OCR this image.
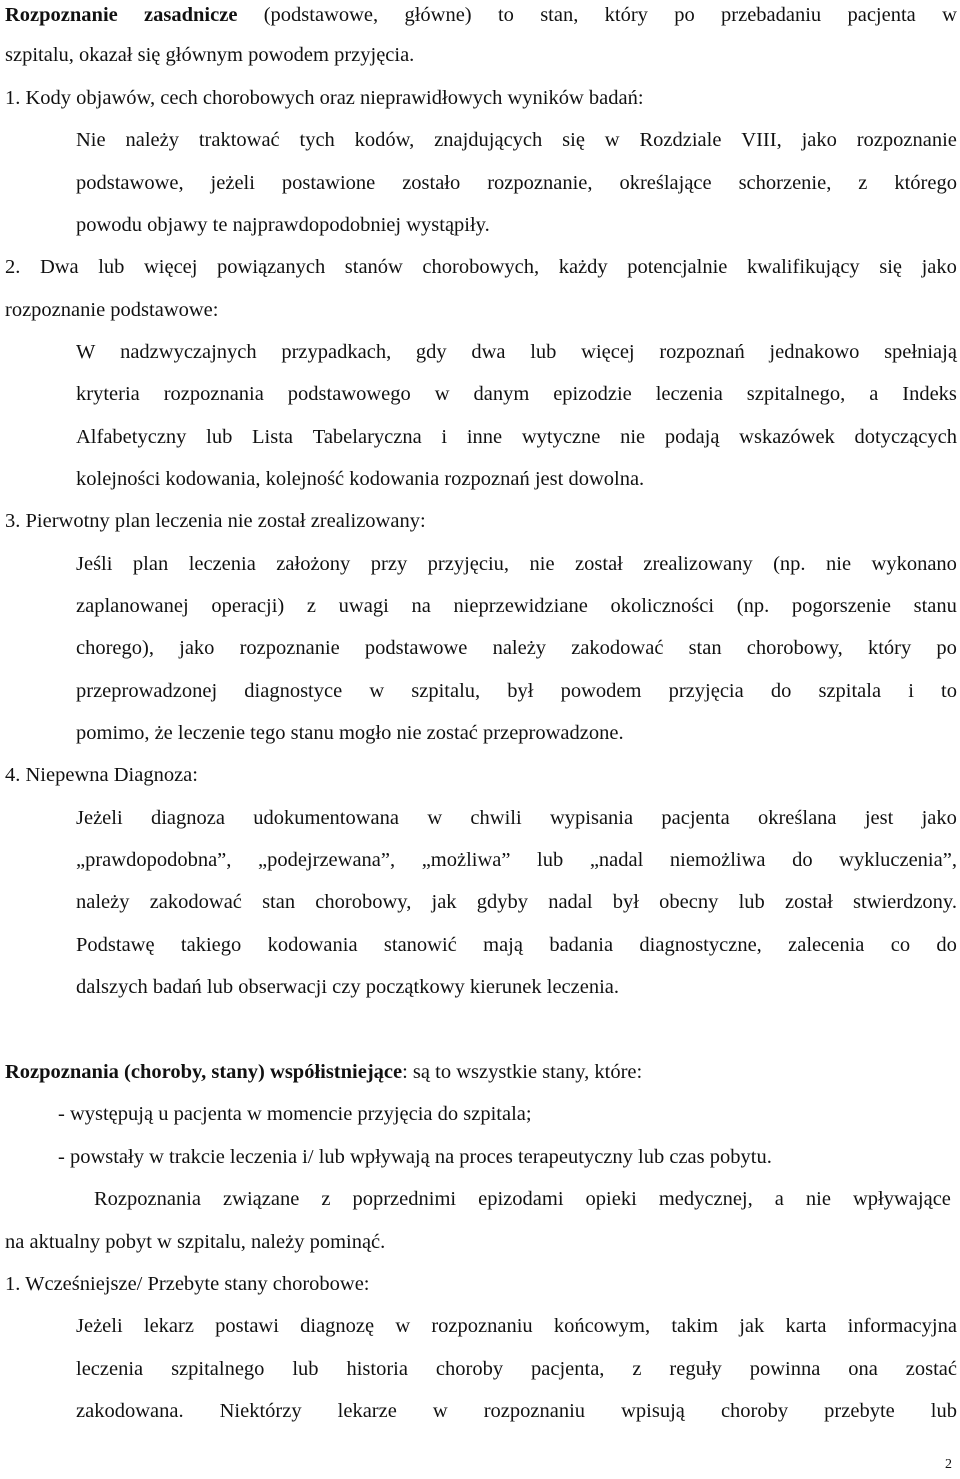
Rozpoznanie zasadnicze (podstawowe, główne) to stan, który po przebadaniu pacjenta w
szpitalu, okazał się głównym powodem przyjęcia.
1. Kody objawów, cech chorobowych oraz nieprawidłowych wyników badań:
Nie należy traktować tych kodów, znajdujących się w Rozdziale VIII, jako rozpoznanie
podstawowe, jeżeli postawione zostało rozpoznanie, określające schorzenie, z którego
powodu objawy te najprawdopodobniej wystąpiły.
2. Dwa lub więcej powiązanych stanów chorobowych, każdy potencjalnie kwalifikujący się jako
rozpoznanie podstawowe:
W nadzwyczajnych przypadkach, gdy dwa lub więcej rozpoznań jednakowo spełniają
kryteria rozpoznania podstawowego w danym epizodzie leczenia szpitalnego, a Indeks
Alfabetyczny lub Lista Tabelaryczna i inne wytyczne nie podają wskazówek dotyczących
kolejności kodowania, kolejność kodowania rozpoznań jest dowolna.
3. Pierwotny plan leczenia nie został zrealizowany:
Jeśli plan leczenia założony przy przyjęciu, nie został zrealizowany (np. nie wykonano
zaplanowanej operacji) z uwagi na nieprzewidziane okoliczności (np. pogorszenie stanu
chorego), jako rozpoznanie podstawowe należy zakodować stan chorobowy, który po
przeprowadzonej diagnostyce w szpitalu, był powodem przyjęcia do szpitala i to
pomimo, że leczenie tego stanu mogło nie zostać przeprowadzone.
4. Niepewna Diagnoza:
Jeżeli diagnoza udokumentowana w chwili wypisania pacjenta określana jest jako
„prawdopodobna”, „podejrzewana”, „możliwa” lub „nadal niemożliwa do wykluczenia”,
należy zakodować stan chorobowy, jak gdyby nadal był obecny lub został stwierdzony.
Podstawę takiego kodowania stanowić mają badania diagnostyczne, zalecenia co do
dalszych badań lub obserwacji czy początkowy kierunek leczenia.
Rozpoznania (choroby, stany) współistniejące: są to wszystkie stany, które:
- występują u pacjenta w momencie przyjęcia do szpitala;
- powstały w trakcie leczenia i/ lub wpływają na proces terapeutyczny lub czas pobytu.
Rozpoznania związane z poprzednimi epizodami opieki medycznej, a nie wpływające
na aktualny pobyt w szpitalu, należy pominąć.
1. Wcześniejsze/ Przebyte stany chorobowe:
Jeżeli lekarz postawi diagnozę w rozpoznaniu końcowym, takim jak karta informacyjna
leczenia szpitalnego lub historia choroby pacjenta, z reguły powinna ona zostać
zakodowana. Niektórzy lekarze w rozpoznaniu wpisują choroby przebyte lub
2
